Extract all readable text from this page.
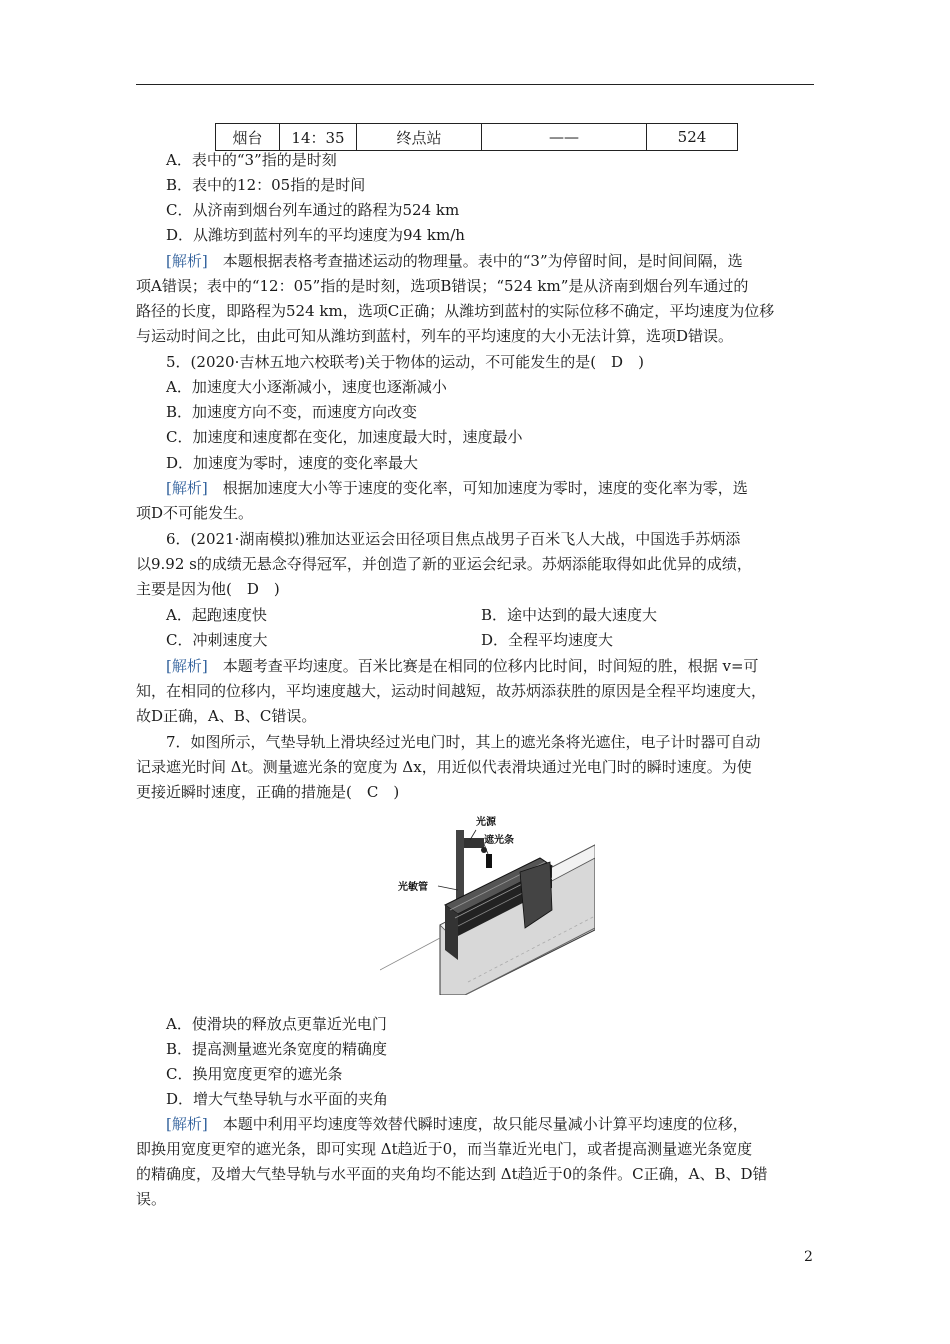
烟台	14：35	终点站	——	524
A．表中的“3”指的是时刻
B．表中的12：05指的是时间
C．从济南到烟台列车通过的路程为524 km
D．从潍坊到蓝村列车的平均速度为94 km/h
[解析]　 本题根据表格考查描述运动的物理量。表中的“3”为停留时间，是时间间隔，选
项A错误；表中的“12：05”指的是时刻，选项B错误；“524 km”是从济南到烟台列车通过的
路径的长度，即路程为524 km，选项C正确；从潍坊到蓝村的实际位移不确定，平均速度为位移
与运动时间之比，由此可知从潍坊到蓝村，列车的平均速度的大小无法计算，选项D错误。
5．(2020·吉林五地六校联考)关于物体的运动，不可能发生的是(　D　)
A．加速度大小逐渐减小，速度也逐渐减小
B．加速度方向不变，而速度方向改变
C．加速度和速度都在变化，加速度最大时，速度最小
D．加速度为零时，速度的变化率最大
[解析]　 根据加速度大小等于速度的变化率，可知加速度为零时，速度的变化率为零，选
项D不可能发生。
6．(2021·湖南模拟)雅加达亚运会田径项目焦点战男子百米飞人大战，中国选手苏炳添
以9.92 s的成绩无悬念夺得冠军，并创造了新的亚运会纪录。苏炳添能取得如此优异的成绩，
主要是因为他(　D　)
A．起跑速度快	B．途中达到的最大速度大
C．冲刺速度大	D．全程平均速度大
[解析]　 本题考查平均速度。百米比赛是在相同的位移内比时间，时间短的胜，根据 v=可
知，在相同的位移内，平均速度越大，运动时间越短，故苏炳添获胜的原因是全程平均速度大，
故D正确，A、B、C错误。
7．如图所示，气垫导轨上滑块经过光电门时，其上的遮光条将光遮住，电子计时器可自动
记录遮光时间 Δt。测量遮光条的宽度为 Δx，用近似代表滑块通过光电门时的瞬时速度。为使
更接近瞬时速度，正确的措施是(　C　)
光源
遮光条
光敏管
A．使滑块的释放点更靠近光电门
B．提高测量遮光条宽度的精确度
C．换用宽度更窄的遮光条
D．增大气垫导轨与水平面的夹角
[解析]　 本题中利用平均速度等效替代瞬时速度，故只能尽量减小计算平均速度的位移，
即换用宽度更窄的遮光条，即可实现 Δt趋近于0，而当靠近光电门，或者提高测量遮光条宽度
的精确度，及增大气垫导轨与水平面的夹角均不能达到 Δt趋近于0的条件。C正确，A、B、D错
误。
2
